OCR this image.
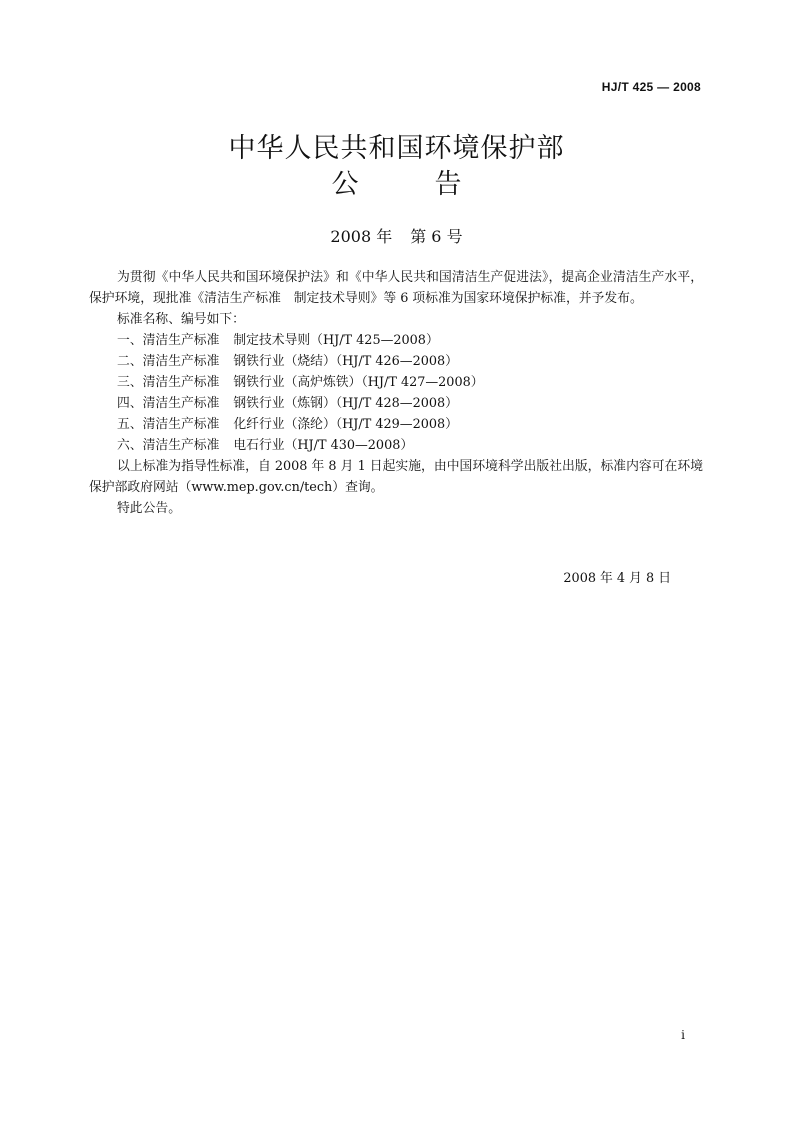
HJ/T 425 — 2008
中华人民共和国环境保护部
公	告
2008 年 第 6 号

为贯彻《中华人民共和国环境保护法》和《中华人民共和国清洁生产促进法》，提高企业清洁生产水平，保护环境，现批准《清洁生产标准　制定技术导则》等 6 项标准为国家环境保护标准，并予发布。

标准名称、编号如下：

一、清洁生产标准 制定技术导则（HJ/T 425—2008）

二、清洁生产标准 钢铁行业（烧结）（HJ/T 426—2008）

三、清洁生产标准 钢铁行业（高炉炼铁）（HJ/T 427—2008）

四、清洁生产标准 钢铁行业（炼钢）（HJ/T 428—2008）

五、清洁生产标准 化纤行业（涤纶）（HJ/T 429—2008）

六、清洁生产标准 电石行业（HJ/T 430—2008）

以上标准为指导性标准，自 2008 年 8 月 1 日起实施，由中国环境科学出版社出版，标准内容可在环境保护部政府网站（www.mep.gov.cn/tech）查询。

特此公告。

2008 年 4 月 8 日
i
